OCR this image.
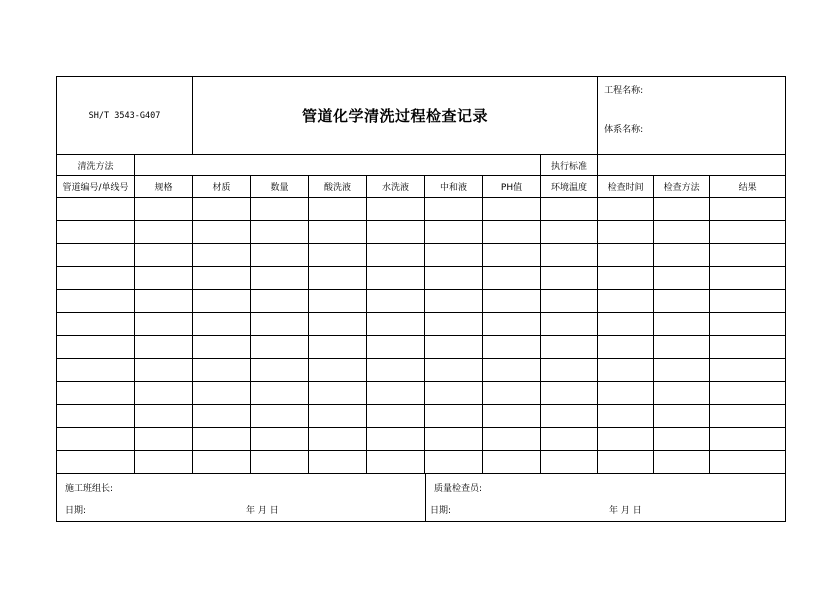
SH/T 3543-G407		管道化学清洗过程检查记录							工程名称:
体系名称:		

清洗方法								执行标准			
管道编号/单线号	规格	材质	数量	酸洗液	水洗液	中和液	PH值	环境温度	检查时间	检查方法	结果

施工班组长:
日期:	年 月 日

质量检查员:
日期:	年 月 日
